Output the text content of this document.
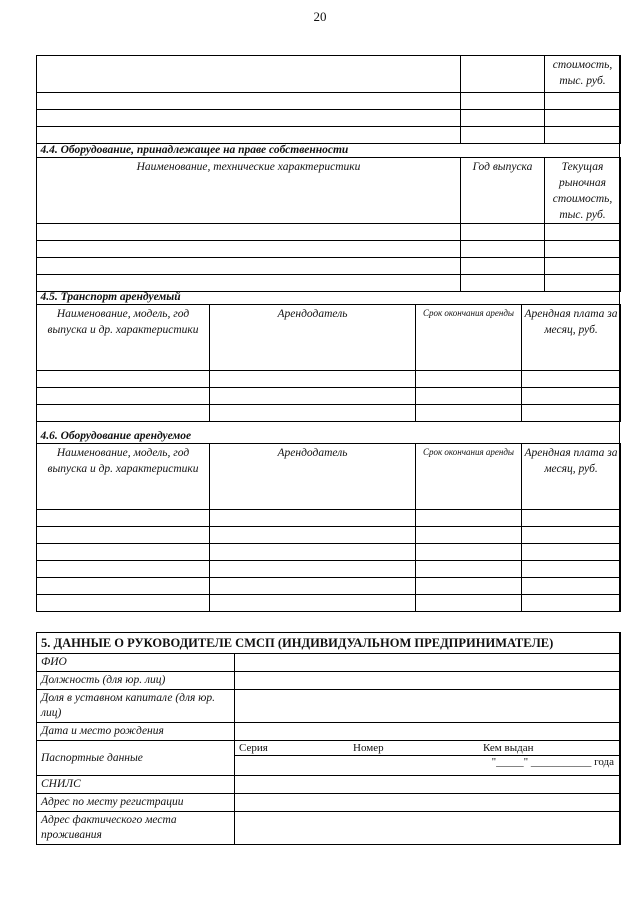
20
		стоимость, тыс. руб.

4.4. Оборудование, принадлежащее на праве собственности		
Наименование, технические характеристики	Год выпуска	Текущая рыночная стоимость, тыс. руб.

4.5. Транспорт арендуемый			
Наименование, модель, год выпуска и др. характеристики	Арендодатель	Срок окончания аренды	Арендная плата за месяц, руб.

4.6. Оборудование арендуемое			
Наименование, модель, год выпуска и др. характеристики	Арендодатель	Срок окончания аренды	Арендная плата за месяц, руб.

5. ДАННЫЕ О РУКОВОДИТЕЛЕ СМСП (ИНДИВИДУАЛЬНОМ ПРЕДПРИНИМАТЕЛЕ)	
ФИО	
Должность (для юр. лиц)	
Доля в уставном капитале (для юр. лиц)	
Дата и место рождения	
Паспортные данные	Серия Номер Кем выдан
"_____" ___________ года

СНИЛС	
Адрес по месту регистрации	
Адрес фактического места проживания	
